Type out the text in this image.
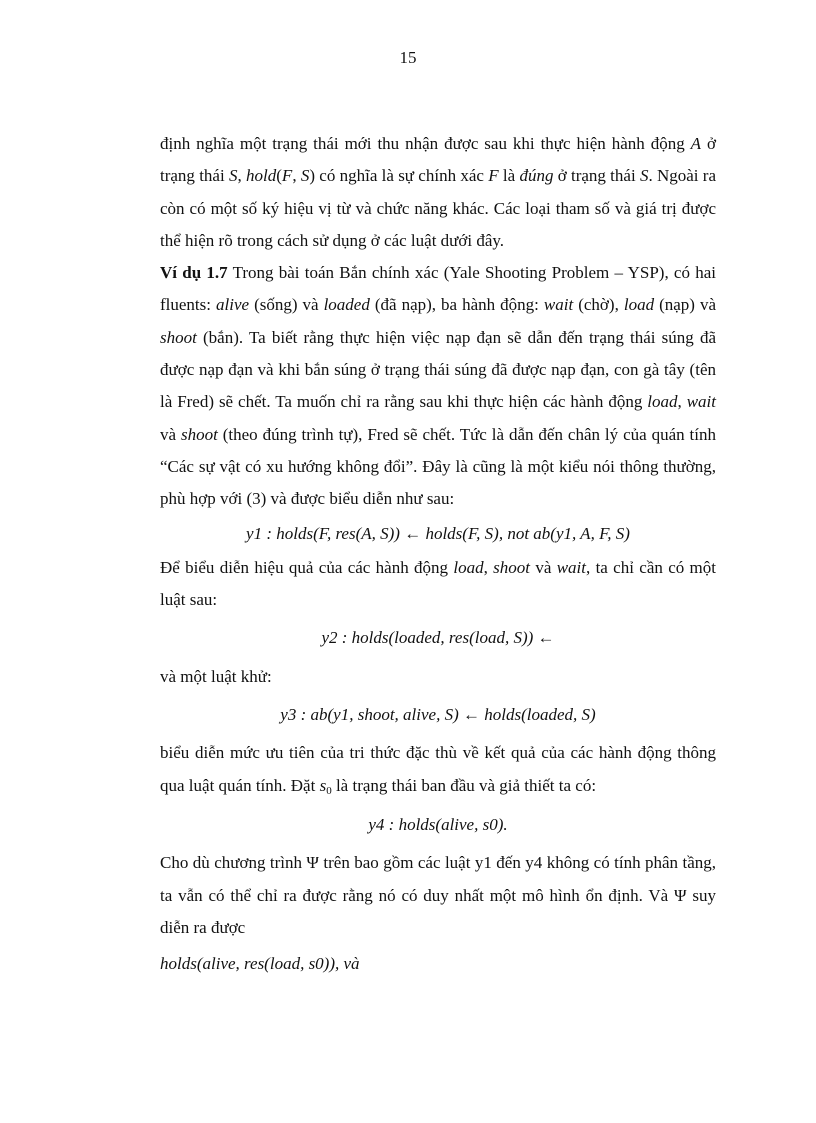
15

định nghĩa một trạng thái mới thu nhận được sau khi thực hiện hành động A ở trạng thái S, hold(F, S) có nghĩa là sự chính xác F là đúng ở trạng thái S. Ngoài ra còn có một số ký hiệu vị từ và chức năng khác. Các loại tham số và giá trị được thể hiện rõ trong cách sử dụng ở các luật dưới đây.

Ví dụ 1.7 Trong bài toán Bắn chính xác (Yale Shooting Problem – YSP), có hai fluents: alive (sống) và loaded (đã nạp), ba hành động: wait (chờ), load (nạp) và shoot (bắn). Ta biết rằng thực hiện việc nạp đạn sẽ dẫn đến trạng thái súng đã được nạp đạn và khi bắn súng ở trạng thái súng đã được nạp đạn, con gà tây (tên là Fred) sẽ chết. Ta muốn chỉ ra rằng sau khi thực hiện các hành động load, wait và shoot (theo đúng trình tự), Fred sẽ chết. Tức là dẫn đến chân lý của quán tính “Các sự vật có xu hướng không đổi”. Đây là cũng là một kiểu nói thông thường, phù hợp với (3) và được biểu diễn như sau:

y1 : holds(F, res(A, S)) ← holds(F, S), not ab(y1, A, F, S)

Để biểu diễn hiệu quả của các hành động load, shoot và wait, ta chỉ cần có một luật sau:

y2 : holds(loaded, res(load, S)) ←

và một luật khử:

y3 : ab(y1, shoot, alive, S) ← holds(loaded, S)

biểu diễn mức ưu tiên của tri thức đặc thù về kết quả của các hành động thông qua luật quán tính. Đặt $s_0$ là trạng thái ban đầu và giả thiết ta có:

y4 : holds(alive, s0).

Cho dù chương trình Ψ trên bao gồm các luật y1 đến y4 không có tính phân tầng, ta vẫn có thể chỉ ra được rằng nó có duy nhất một mô hình ổn định. Và Ψ suy diễn ra được

holds(alive, res(load, s0)), và
